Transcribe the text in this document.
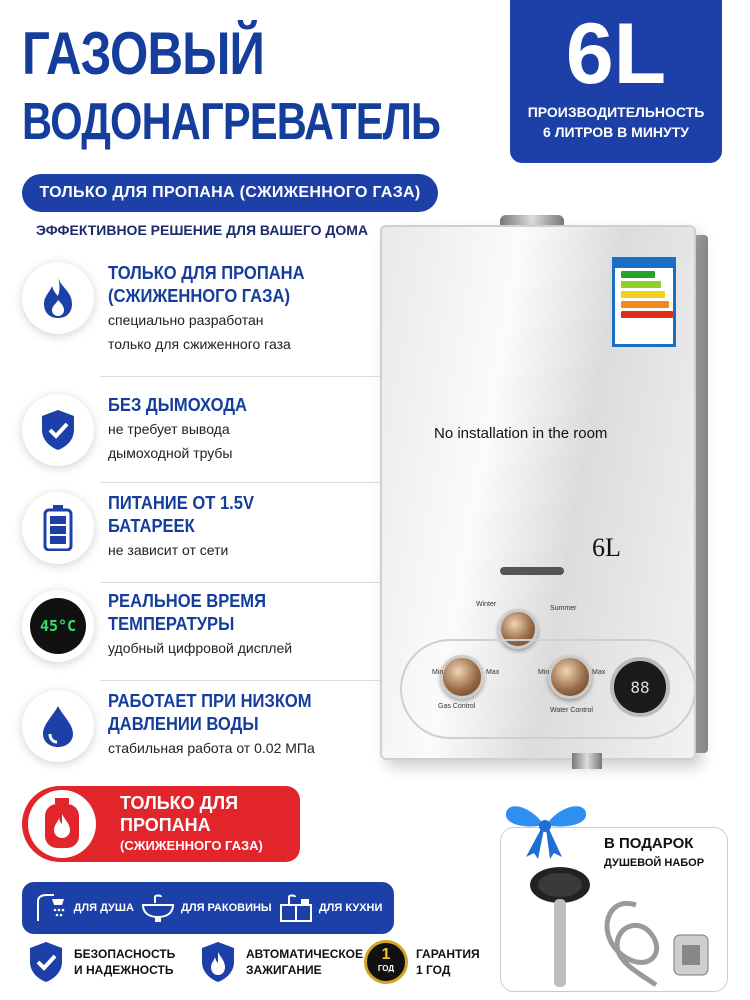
ГАЗОВЫЙ
ВОДОНАГРЕВАТЕЛЬ
6L
ПРОИЗВОДИТЕЛЬНОСТЬ
6 ЛИТРОВ В МИНУТУ
ТОЛЬКО ДЛЯ ПРОПАНА (СЖИЖЕННОГО ГАЗА)
ЭФФЕКТИВНОЕ РЕШЕНИЕ ДЛЯ ВАШЕГО ДОМА
ТОЛЬКО ДЛЯ ПРОПАНА
(СЖИЖЕННОГО ГАЗА)
специально разработан
только для сжиженного газа
БЕЗ ДЫМОХОДА
не требует вывода
дымоходной трубы
ПИТАНИЕ ОТ 1.5V
БАТАРЕЕК
не зависит от сети
45°C
РЕАЛЬНОЕ ВРЕМЯ
ТЕМПЕРАТУРЫ
удобный цифровой дисплей
РАБОТАЕТ ПРИ НИЗКОМ
ДАВЛЕНИИ ВОДЫ
стабильная работа от 0.02 МПа
No installation in the room
6L
Winter
Summer
Min	Max
Gas Control
Min	Max
Water Control
88
ТОЛЬКО ДЛЯ
ПРОПАНА
(СЖИЖЕННОГО ГАЗА)	В ПОДАРОК
ДУШЕВОЙ НАБОР
ДЛЯ ДУША	ДЛЯ РАКОВИНЫ	ДЛЯ КУХНИ
БЕЗОПАСНОСТЬ
И НАДЕЖНОСТЬ
АВТОМАТИЧЕСКОЕ
ЗАЖИГАНИЕ
1
ГОД
ГАРАНТИЯ
1 ГОД
